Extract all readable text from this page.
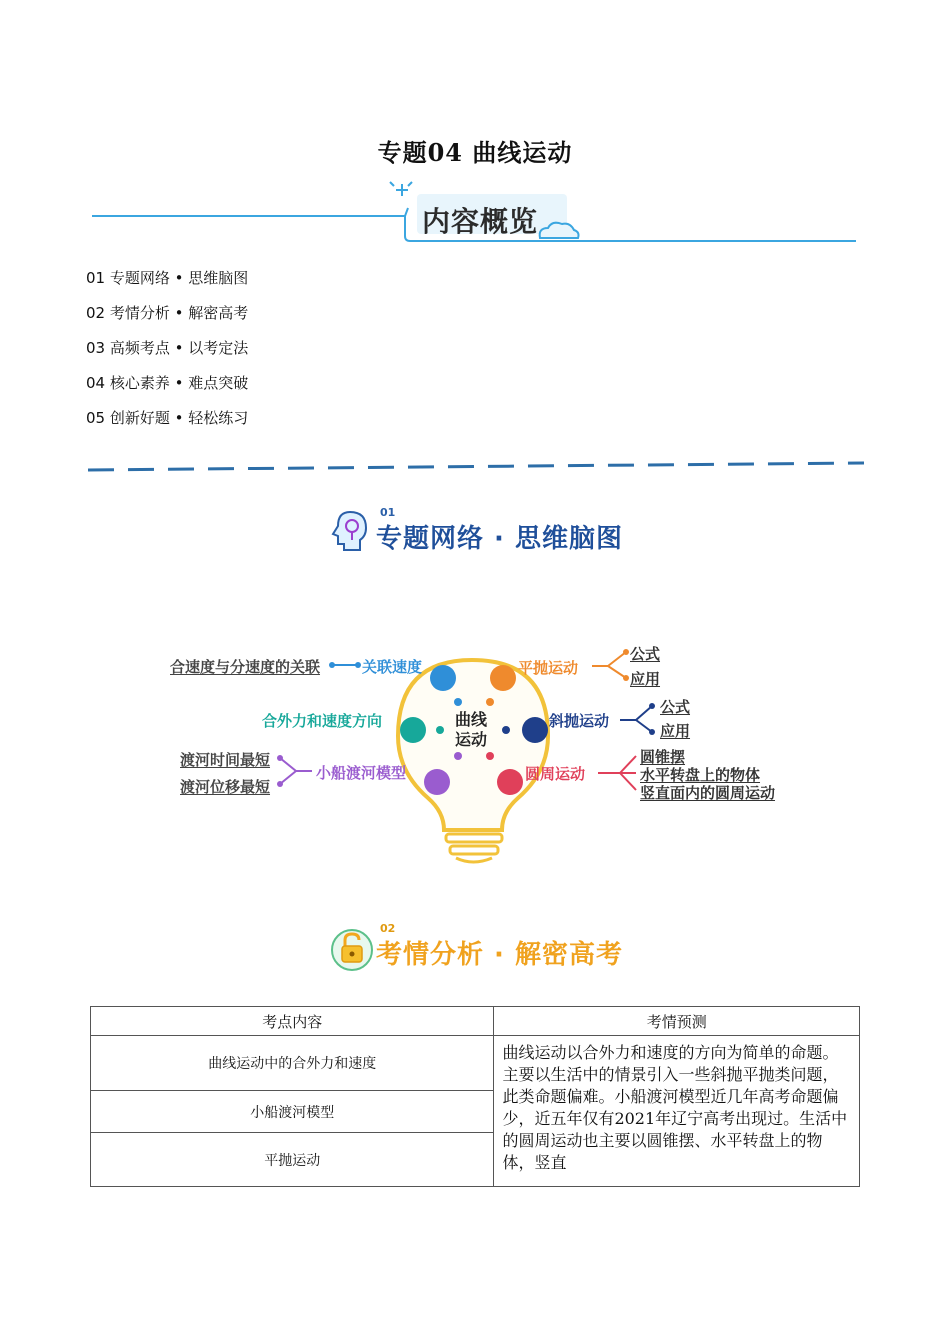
专题04 曲线运动
内容概览
01 专题网络 • 思维脑图
02 考情分析 • 解密高考
03 高频考点 • 以考定法
04 核心素养 • 难点突破
05 创新好题 • 轻松练习
01
专题网络 · 思维脑图
曲线
运动
合速度与分速度的关联	关联速度
合外力和速度方向
渡河时间最短
渡河位移最短
小船渡河模型
平抛运动
公式
应用
斜抛运动
公式
应用
圆周运动
圆锥摆
水平转盘上的物体
竖直面内的圆周运动
02
考情分析 · 解密高考
考点内容	考情预测
曲线运动中的合外力和速度	曲线运动以合外力和速度的方向为简单的命题。主要以生活中的情景引入一些斜抛平抛类问题，此类命题偏难。小船渡河模型近几年高考命题偏少，近五年仅有2021年辽宁高考出现过。生活中的圆周运动也主要以圆锥摆、水平转盘上的物体，竖直
小船渡河模型	
平抛运动	
